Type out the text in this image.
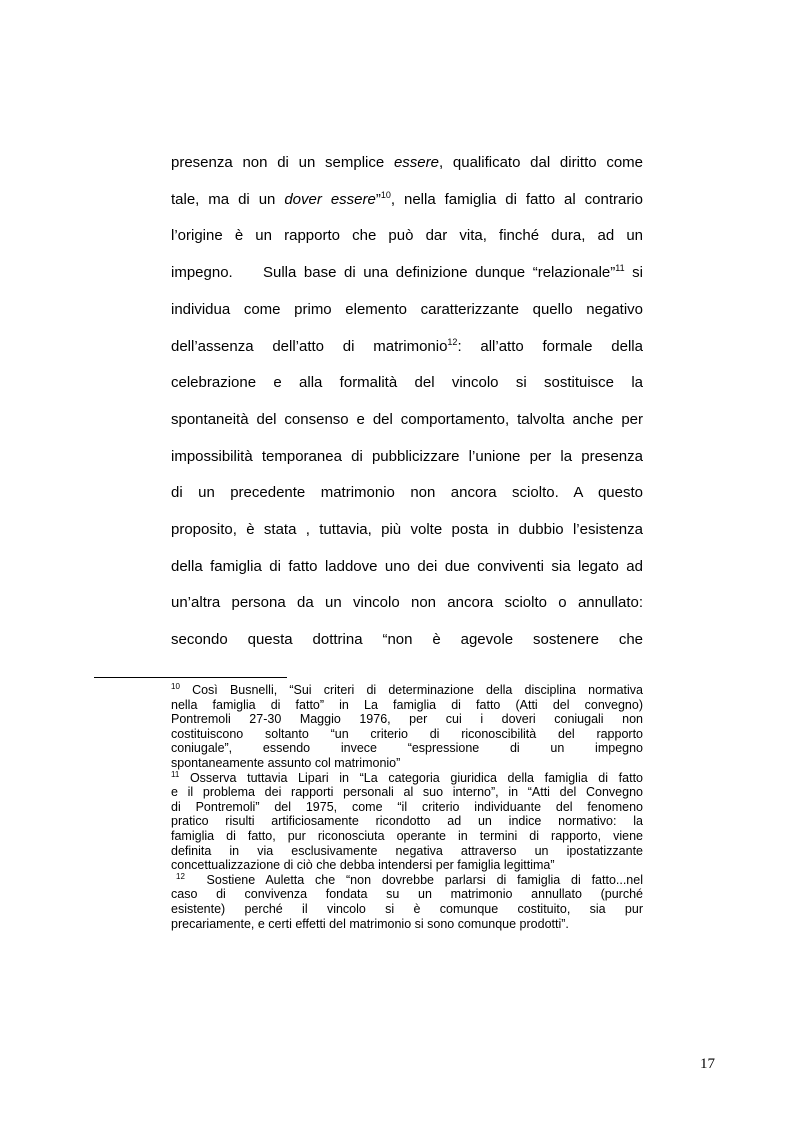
presenza non di un semplice essere, qualificato dal diritto come
tale, ma di un dover essere”$^{10}$, nella famiglia di fatto al contrario
l’origine è un rapporto che può dar vita, finché dura, ad un
impegno.    Sulla base di una definizione dunque “relazionale”$^{11}$ si
individua come primo elemento caratterizzante quello negativo
dell’assenza dell’atto di matrimonio$^{12}$: all’atto formale della
celebrazione e alla formalità del vincolo si sostituisce la
spontaneità del consenso e del comportamento, talvolta anche per
impossibilità temporanea di pubblicizzare l’unione per la presenza
di un precedente matrimonio non ancora sciolto. A questo
proposito, è stata , tuttavia, più volte posta in dubbio l’esistenza
della famiglia di fatto laddove uno dei due conviventi sia legato ad
un’altra persona da un vincolo non ancora sciolto o annullato:
secondo questa dottrina “non è agevole sostenere che
$^{10}$ Così Busnelli, “Sui criteri di determinazione della disciplina normativa
nella famiglia di fatto” in La famiglia di fatto (Atti del convegno)
Pontremoli 27-30 Maggio 1976, per cui i doveri coniugali non
costituiscono soltanto “un criterio di riconoscibilità del rapporto
coniugale”, essendo invece “espressione di un impegno
spontaneamente assunto col matrimonio”
$^{11}$ Osserva tuttavia Lipari in “La categoria giuridica della famiglia di fatto
e il problema dei rapporti personali al suo interno”, in “Atti del Convegno
di Pontremoli” del 1975, come “il criterio individuante del fenomeno
pratico risulti artificiosamente ricondotto ad un indice normativo: la
famiglia di fatto, pur riconosciuta operante in termini di rapporto, viene
definita in via esclusivamente negativa attraverso un ipostatizzante
concettualizzazione di ciò che debba intendersi per famiglia legittima”
$^{12}$ Sostiene Auletta che “non dovrebbe parlarsi di famiglia di fatto...nel
caso di convivenza fondata su un matrimonio annullato (purché
esistente) perché il vincolo si è comunque costituito, sia pur
precariamente, e certi effetti del matrimonio si sono comunque prodotti”.
17
